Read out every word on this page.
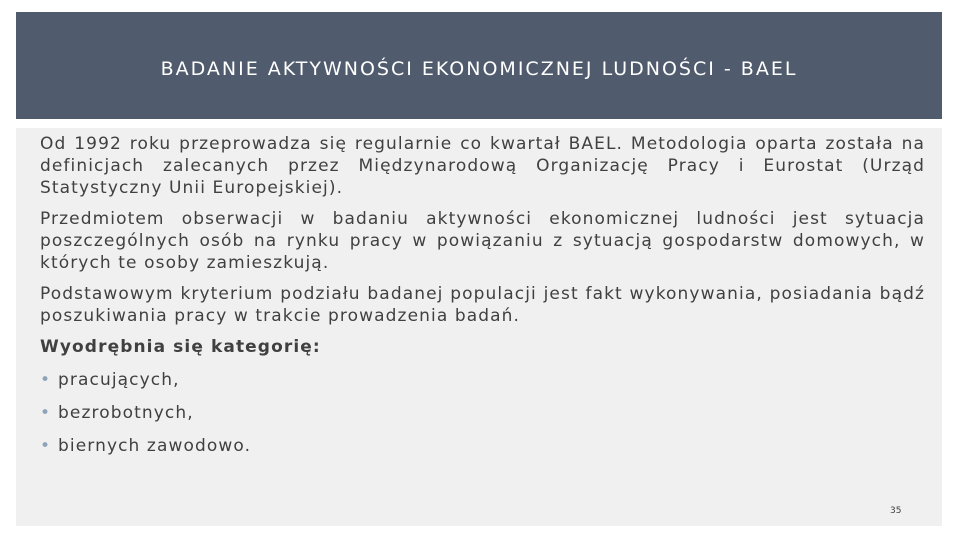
BADANIE AKTYWNOŚCI EKONOMICZNEJ LUDNOŚCI - BAEL

Od 1992 roku przeprowadza się regularnie co kwartał BAEL. Metodologia oparta została na definicjach zalecanych przez Międzynarodową Organizację Pracy i Eurostat (Urząd Statystyczny Unii Europejskiej).

Przedmiotem obserwacji w badaniu aktywności ekonomicznej ludności jest sytuacja poszczególnych osób na rynku pracy w powiązaniu z sytuacją gospodarstw domowych, w których te osoby zamieszkują.

Podstawowym kryterium podziału badanej populacji jest fakt wykonywania, posiadania bądź poszukiwania pracy w trakcie prowadzenia badań.

Wyodrębnia się kategorię:

• pracujących,
• bezrobotnych,
• biernych zawodowo.
35
